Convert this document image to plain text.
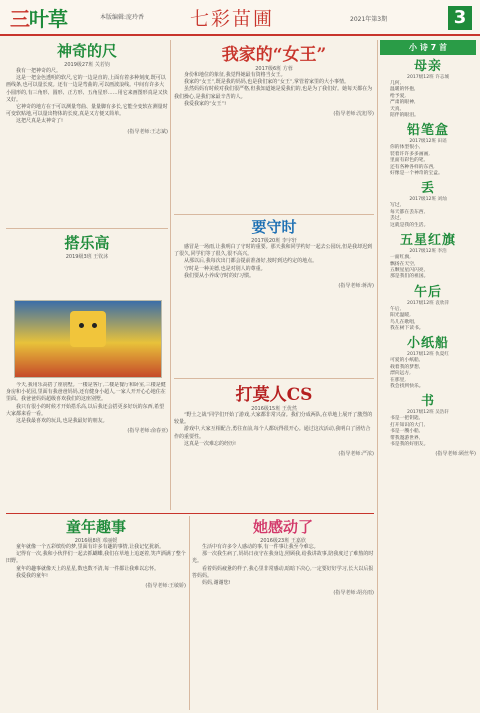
三叶草	本版编辑:庞玲香 七彩苗圃	2021年第3期	3
神奇的尺
2019级27班 关若钧

我有一把神奇的尺。

这是一把金色透明的软尺,它的一边是直的,上面有着多种刻度,既可以画线条,也可以量长度。还有一边是弯曲的,可以画波浪线。中间有许多大小圆形的,有三角形、圆形、正方形、五角星形……用它来画图形真是又快又好。

它神奇的地方在于可以测量弯曲、量量脚有多长,它能全变软在测量时可变软贴地,可以量出物体的长度,真是又方便又简单。

这把尺真是太神奇了!

(指导老师:王志斌)
搭乐高
2019级3班 王钦沐

今天,我用乐高搭了座别墅。一楼是客厅,二楼是餐厅和卧室,三楼是健身房和小花园,里面有我爸爸妈妈,还有健身小超人,一家人开开心心地住在里面。我爸爸妈妈超级喜欢我们的这座别墅。

我只有很小的时候才开始搭乐高,以后我还会搭更多好玩的东西,希望大家都来看一看。

这是我最喜欢的玩具,也是我最好的朋友。

(指导老师:俞春亚)
我家的“女王”
2017级6班 方蓉

身份和地位的象征,我觉得她最有资格当女王。

我家的“女王”,既是我的妈妈,也是我们家的“女王”,掌管着家里的大小事情。

虽然妈妈有时候对我们很严格,但我知道她是爱我们的,也是为了我们好。她每天都在为我们操心,是我们家最辛苦的人。

我爱我家的“女王”!

(指导老师:沈旭琴)
要守时
2017级20班 李宇轩

感冒是一场雨,让我明白了守时的重要。那天我和同学约好一起去公园玩,但是我却迟到了很久,同学们等了很久,很不高兴。

从那以后,我每次出门都会提前准备好,按时到达约定的地点。

守时是一种美德,也是对别人的尊重。

我们要从小养成守时的好习惯。

(指导老师:蒋涛)
打莫人CS
2016级15班 王优然

“野土之战”同学们开始了游戏,大家都非常兴奋。我们分成两队,在草地上展开了激烈的较量。

游戏中,大家互相配合,勇往直前,每个人都玩得很开心。通过这次活动,我明白了团结合作的重要性。

这真是一次难忘的经历!

(指导老师:严浓)
童年趣事
2016级8班 邓丽媛

童年就像一个五彩缤纷的梦,里面有许多有趣的事情,让我记忆犹新。

记得有一次,我和小伙伴们一起去抓蝴蝶,我们在草地上追逐着,笑声洒满了整个田野。

童年的趣事就像天上的星星,数也数不清,每一件都让我难以忘怀。

我爱我的童年!

(指导老师:王敏娇)
她感动了
2016级23班 王嘉欣

生活中有许多令人感动的事,有一件事让我至今难忘。

那一次我生病了,妈妈日夜守在我身边,照顾我,给我讲故事,陪我度过了难熬的时光。

看着妈妈疲惫的样子,我心里非常感动,暗暗下决心,一定要好好学习,长大以后报答妈妈。

妈妈,谢谢您!

(指导老师:胡亮雨)
小 诗 7 首
母亲
2017级12班 许志城
几何,
温暖的怀抱,
给予爱,
严肃的眼神,
天真,
陪伴的眼泪。
铅笔盒
2017级12班 田谣
你的体型很小,
装着许许多多画画,
里面有彩色的笔,
还有各种各样的东西,
好像是一个神奇的宝盒。
丢
2017级12班 刘灿
写过,
每天都在丢东西,
丢过,
这就是我的生活。
五星红旗
2017级12班 李浩
一面红旗,
飘扬在天空,
五颗星星闪闪亮,
那是我们的祖国。
午后
2017级12班 袁欣萍
午后,
阳光温暖,
鸟儿在歌唱,
我在树下读书。
小纸船
2017级12班 仇夏红
可爱的小纸船,
载着我的梦想,
漂向远方,
在那里,
我会找到快乐。
书
2017级12班 吴浩轩
书是一把钥匙,
打开知识的大门,
书是一艘小船,
带我遨游世界,
书是我的好朋友。
(指导老师:顾丝华)
